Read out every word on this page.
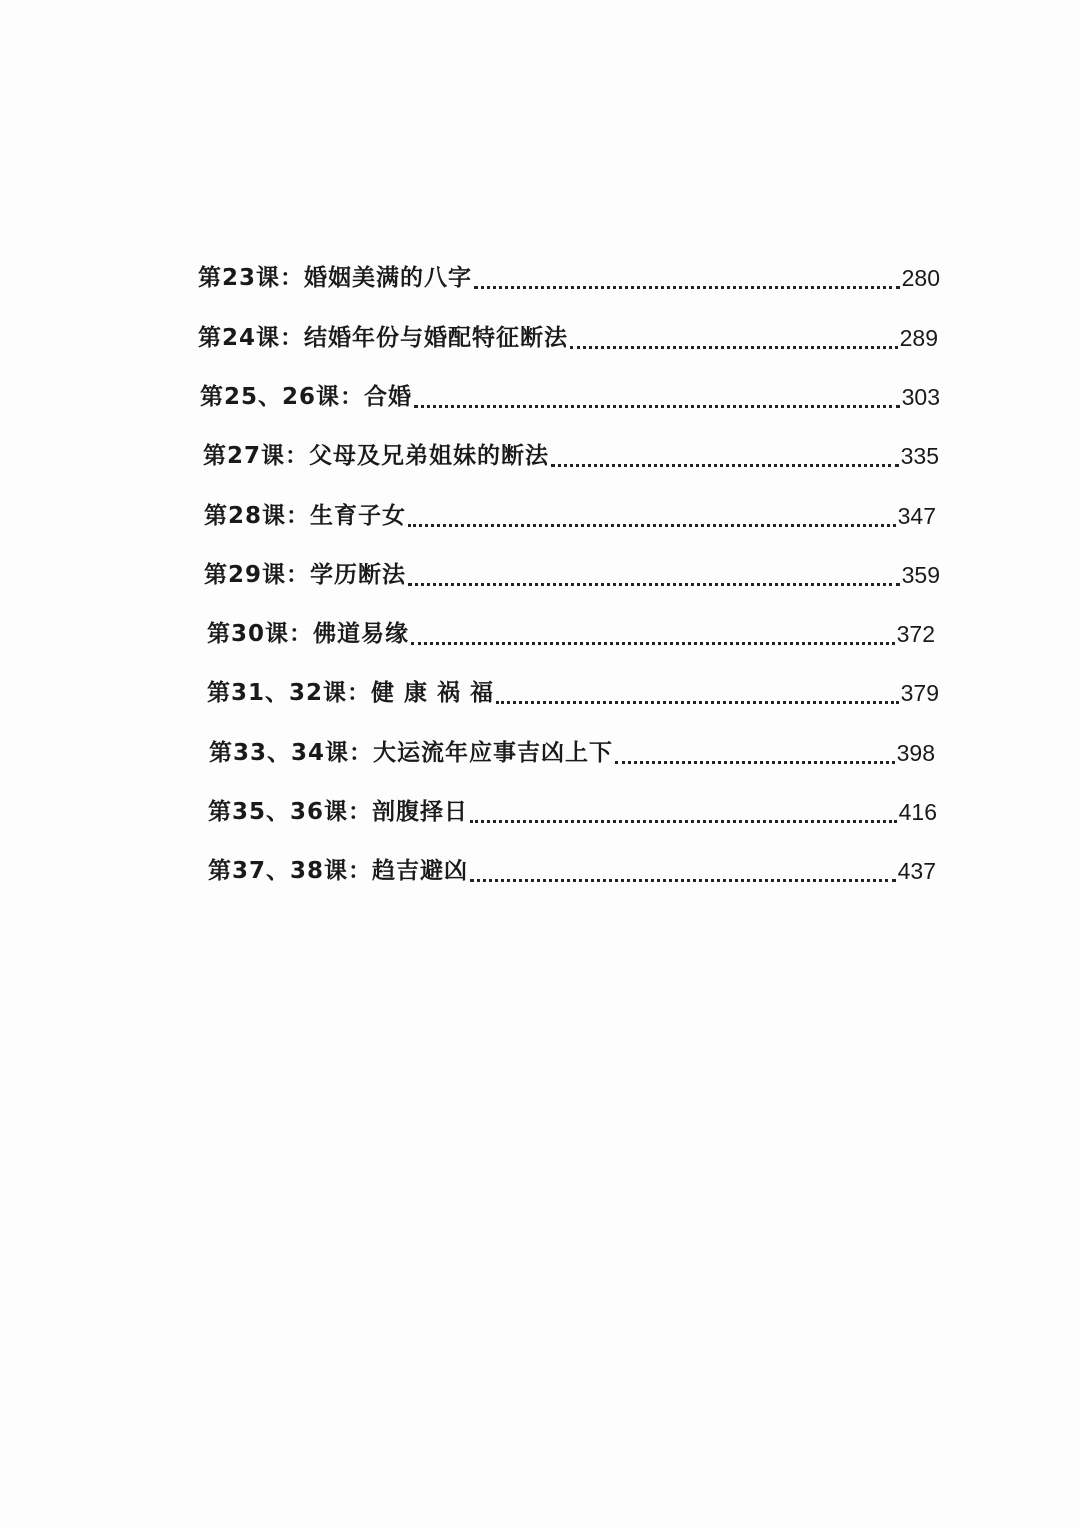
第23课：婚姻美满的八字	280
第24课：结婚年份与婚配特征断法	289
第25、26课：合婚	303
第27课：父母及兄弟姐妹的断法	335
第28课：生育子女	347
第29课：学历断法	359
第30课：佛道易缘	372
第31、32课：健 康 祸 福	379
第33、34课：大运流年应事吉凶上下	398
第35、36课：剖腹择日	416
第37、38课：趋吉避凶	437
